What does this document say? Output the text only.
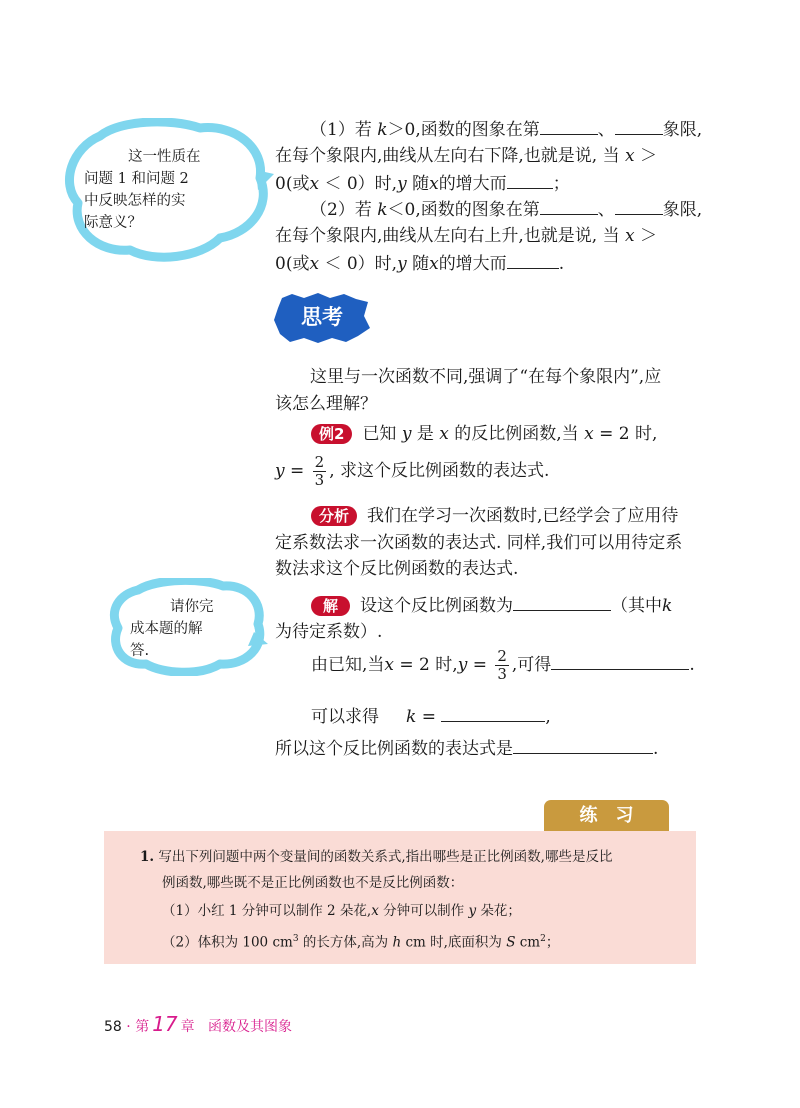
这一性质在
问题 1 和问题 2
中反映怎样的实
际意义？
（1）若 k＞0,函数的图象在第	、	象限,
在每个象限内,曲线从左向右下降,也就是说, 当 x ＞
0(或x ＜ 0）时,y 随x的增大而	；
（2）若 k＜0,函数的图象在第	、	象限,
在每个象限内,曲线从左向右上升,也就是说, 当 x ＞
0(或x ＜ 0）时,y 随x的增大而	.
思考
这里与一次函数不同,强调了“在每个象限内”,应
该怎么理解？
例2 已知 y 是 x 的反比例函数,当 x = 2 时,
$y = \frac{2}{3}$ , 求这个反比例函数的表达式.
分析 我们在学习一次函数时,已经学会了应用待
定系数法求一次函数的表达式. 同样,我们可以用待定系
数法求这个反比例函数的表达式.
请你完
成本题的解
答.
解 设这个反比例函数为	（其中k
为待定系数）.
由已知,当x = 2 时$,y = \frac{2}{3}$ ,可得	.
可以求得 k =	,
所以这个反比例函数的表达式是	.
练　习
1. 写出下列问题中两个变量间的函数关系式,指出哪些是正比例函数,哪些是反比
例函数,哪些既不是正比例函数也不是反比例函数：
（1）小红 1 分钟可以制作 2 朵花,x 分钟可以制作 y 朵花；
（2）体积为 100 $cm^3$ 的长方体,高为 h cm 时,底面积为 S $cm^2$；
58 · 第 17 章 函数及其图象
